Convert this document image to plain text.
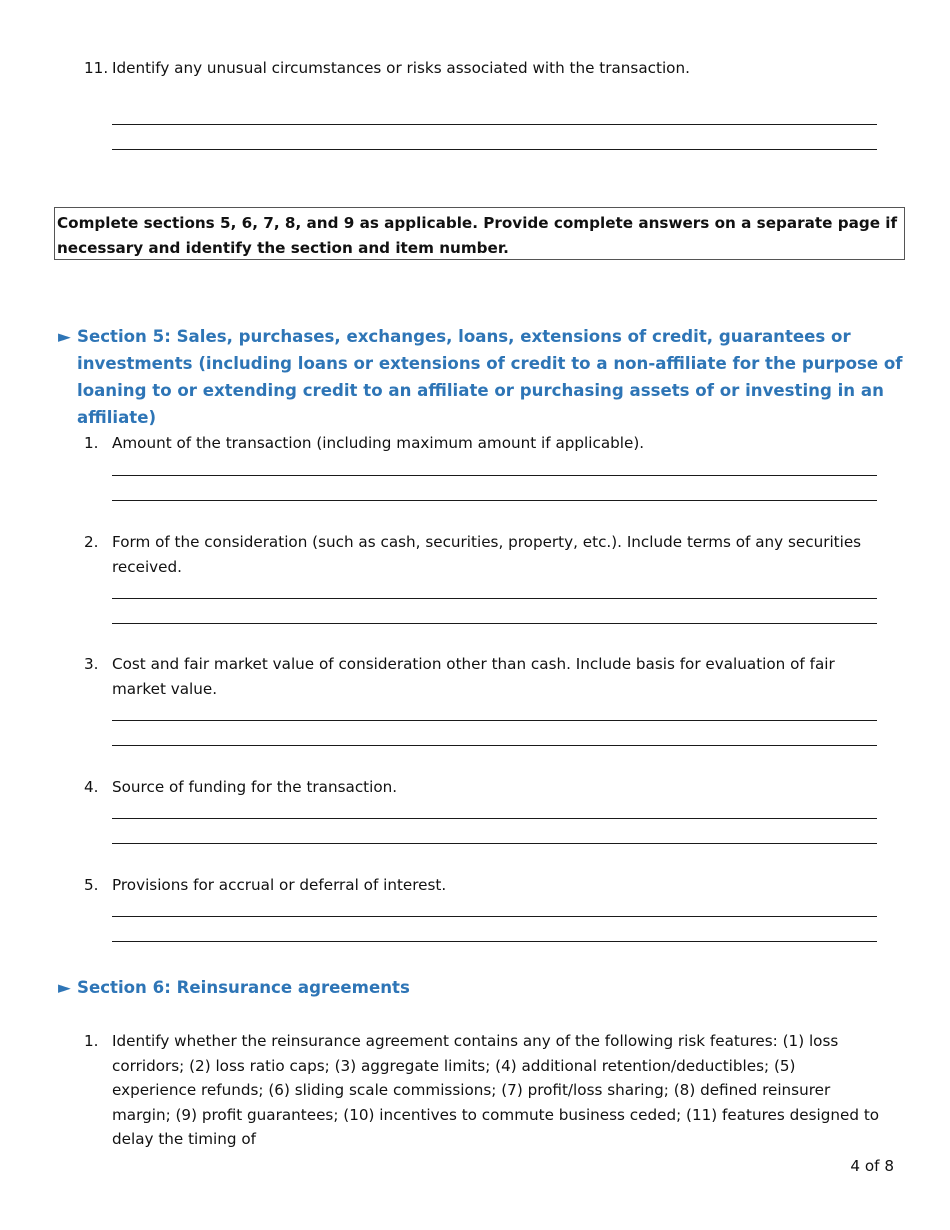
11. Identify any unusual circumstances or risks associated with the transaction.
Complete sections 5, 6, 7, 8, and 9 as applicable. Provide complete answers on a separate page if necessary and identify the section and item number.
► Section 5: Sales, purchases, exchanges, loans, extensions of credit, guarantees or investments (including loans or extensions of credit to a non-affiliate for the purpose of loaning to or extending credit to an affiliate or purchasing assets of or investing in an affiliate)
1. Amount of the transaction (including maximum amount if applicable).
2. Form of the consideration (such as cash, securities, property, etc.). Include terms of any securities received.
3. Cost and fair market value of consideration other than cash. Include basis for evaluation of fair market value.
4. Source of funding for the transaction.
5. Provisions for accrual or deferral of interest.
► Section 6: Reinsurance agreements
1. Identify whether the reinsurance agreement contains any of the following risk features: (1) loss corridors; (2) loss ratio caps; (3) aggregate limits; (4) additional retention/deductibles; (5) experience refunds; (6) sliding scale commissions; (7) profit/loss sharing; (8) defined reinsurer margin; (9) profit guarantees; (10) incentives to commute business ceded; (11) features designed to delay the timing of
4 of 8
